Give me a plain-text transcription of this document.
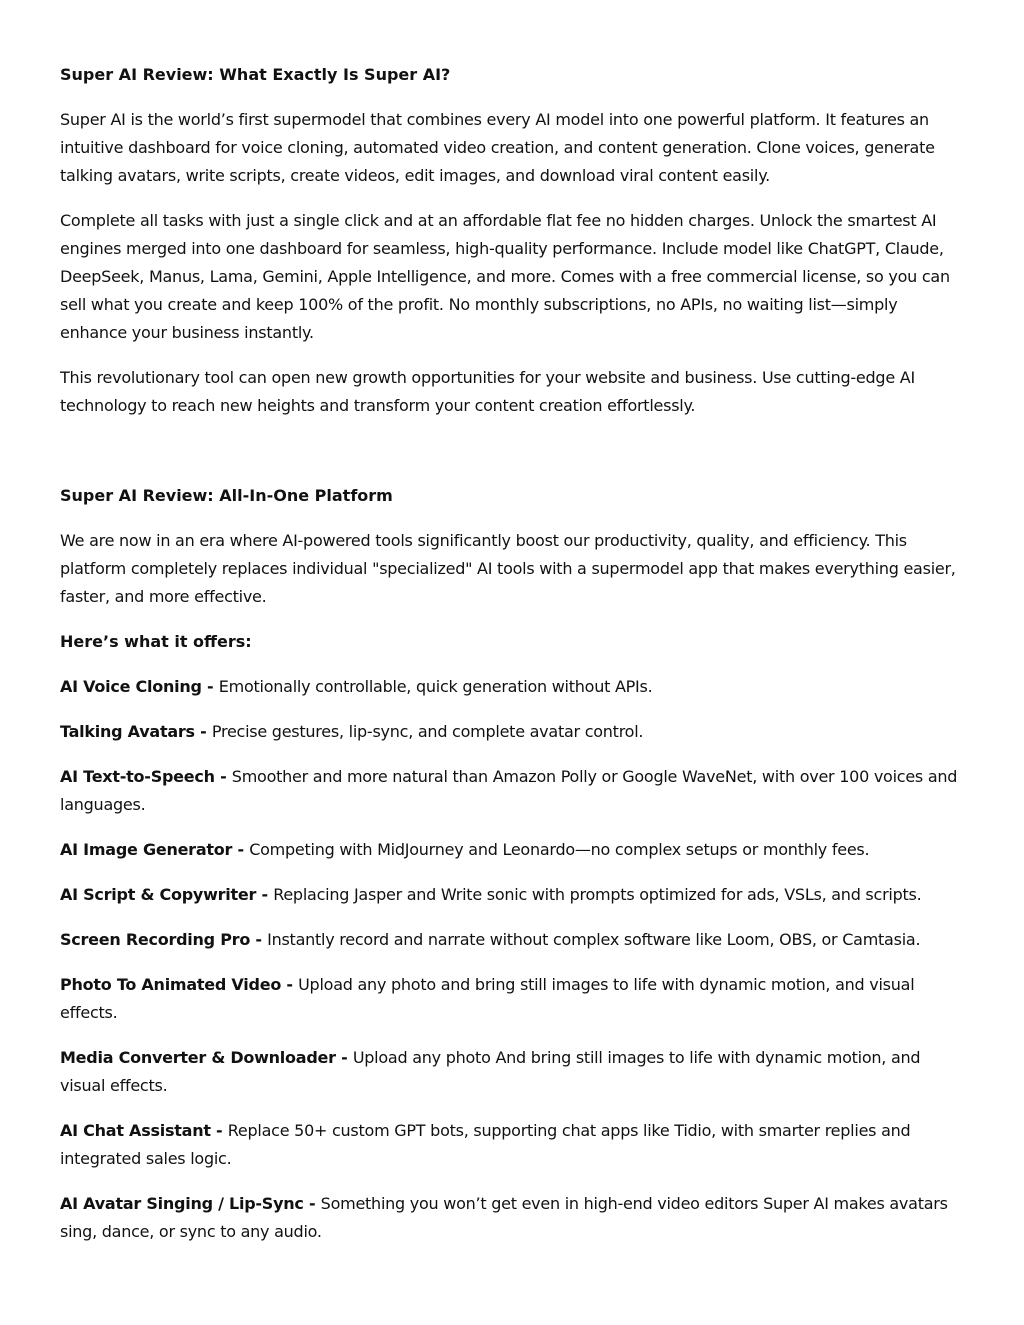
Super AI Review: What Exactly Is Super AI?

Super AI is the world’s first supermodel that combines every AI model into one powerful platform. It features an intuitive dashboard for voice cloning, automated video creation, and content generation. Clone voices, generate talking avatars, write scripts, create videos, edit images, and download viral content easily.

Complete all tasks with just a single click and at an affordable flat fee no hidden charges. Unlock the smartest AI engines merged into one dashboard for seamless, high-quality performance. Include model like ChatGPT, Claude, DeepSeek, Manus, Lama, Gemini, Apple Intelligence, and more. Comes with a free commercial license, so you can sell what you create and keep 100% of the profit. No monthly subscriptions, no APIs, no waiting list—simply enhance your business instantly.

This revolutionary tool can open new growth opportunities for your website and business. Use cutting-edge AI technology to reach new heights and transform your content creation effortlessly.

Super AI Review: All-In-One Platform

We are now in an era where AI-powered tools significantly boost our productivity, quality, and efficiency. This platform completely replaces individual "specialized" AI tools with a supermodel app that makes everything easier, faster, and more effective.

Here’s what it offers:

AI Voice Cloning - Emotionally controllable, quick generation without APIs.

Talking Avatars - Precise gestures, lip-sync, and complete avatar control.

AI Text-to-Speech - Smoother and more natural than Amazon Polly or Google WaveNet, with over 100 voices and languages.

AI Image Generator - Competing with MidJourney and Leonardo—no complex setups or monthly fees.

AI Script & Copywriter - Replacing Jasper and Write sonic with prompts optimized for ads, VSLs, and scripts.

Screen Recording Pro - Instantly record and narrate without complex software like Loom, OBS, or Camtasia.

Photo To Animated Video - Upload any photo and bring still images to life with dynamic motion, and visual effects.

Media Converter & Downloader - Upload any photo And bring still images to life with dynamic motion, and visual effects.

AI Chat Assistant - Replace 50+ custom GPT bots, supporting chat apps like Tidio, with smarter replies and integrated sales logic.

AI Avatar Singing / Lip-Sync - Something you won’t get even in high-end video editors Super AI makes avatars sing, dance, or sync to any audio.
